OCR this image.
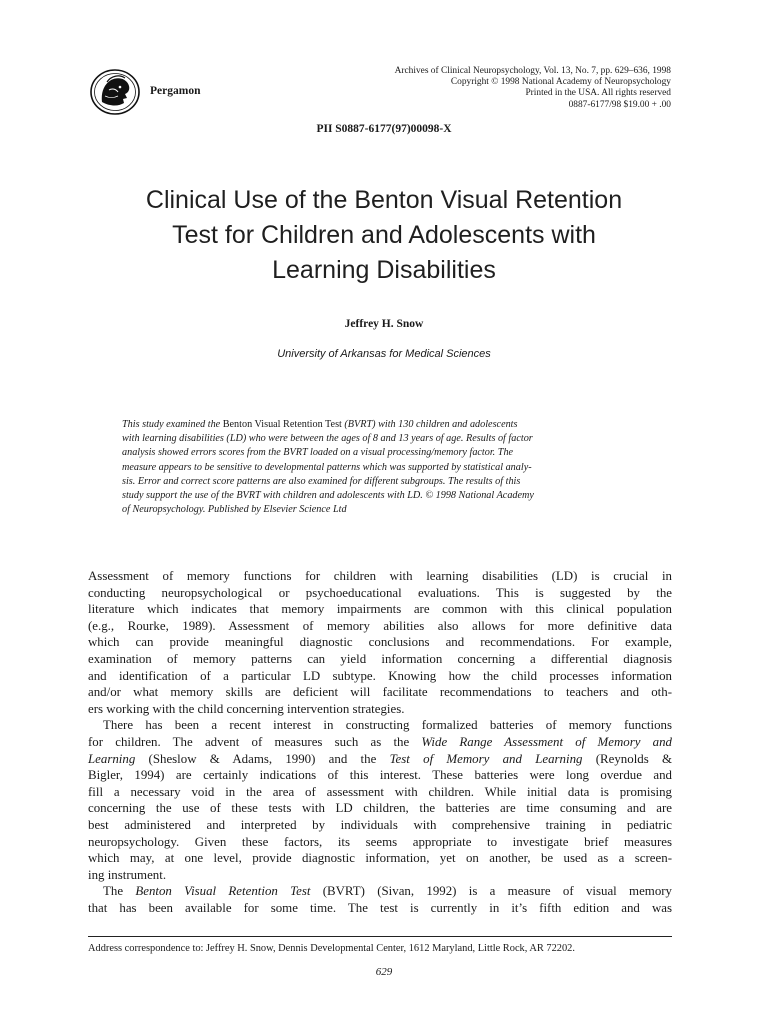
Pergamon
Archives of Clinical Neuropsychology, Vol. 13, No. 7, pp. 629–636, 1998
Copyright © 1998 National Academy of Neuropsychology
Printed in the USA. All rights reserved
0887-6177/98 $19.00 + .00
PII S0887-6177(97)00098-X
Clinical Use of the Benton Visual Retention
Test for Children and Adolescents with
Learning Disabilities
Jeffrey H. Snow
University of Arkansas for Medical Sciences
This study examined the Benton Visual Retention Test (BVRT) with 130 children and adolescents
with learning disabilities (LD) who were between the ages of 8 and 13 years of age. Results of factor
analysis showed errors scores from the BVRT loaded on a visual processing/memory factor. The
measure appears to be sensitive to developmental patterns which was supported by statistical analy-
sis. Error and correct score patterns are also examined for different subgroups. The results of this
study support the use of the BVRT with children and adolescents with LD. © 1998 National Academy
of Neuropsychology. Published by Elsevier Science Ltd
Assessment of memory functions for children with learning disabilities (LD) is crucial in
conducting neuropsychological or psychoeducational evaluations. This is suggested by the
literature which indicates that memory impairments are common with this clinical population
(e.g., Rourke, 1989). Assessment of memory abilities also allows for more definitive data
which can provide meaningful diagnostic conclusions and recommendations. For example,
examination of memory patterns can yield information concerning a differential diagnosis
and identification of a particular LD subtype. Knowing how the child processes information
and/or what memory skills are deficient will facilitate recommendations to teachers and oth-
ers working with the child concerning intervention strategies.
There has been a recent interest in constructing formalized batteries of memory functions
for children. The advent of measures such as the Wide Range Assessment of Memory and
Learning (Sheslow & Adams, 1990) and the Test of Memory and Learning (Reynolds &
Bigler, 1994) are certainly indications of this interest. These batteries were long overdue and
fill a necessary void in the area of assessment with children. While initial data is promising
concerning the use of these tests with LD children, the batteries are time consuming and are
best administered and interpreted by individuals with comprehensive training in pediatric
neuropsychology. Given these factors, its seems appropriate to investigate brief measures
which may, at one level, provide diagnostic information, yet on another, be used as a screen-
ing instrument.
The Benton Visual Retention Test (BVRT) (Sivan, 1992) is a measure of visual memory
that has been available for some time. The test is currently in it’s fifth edition and was
Address correspondence to: Jeffrey H. Snow, Dennis Developmental Center, 1612 Maryland, Little Rock, AR 72202.
629
